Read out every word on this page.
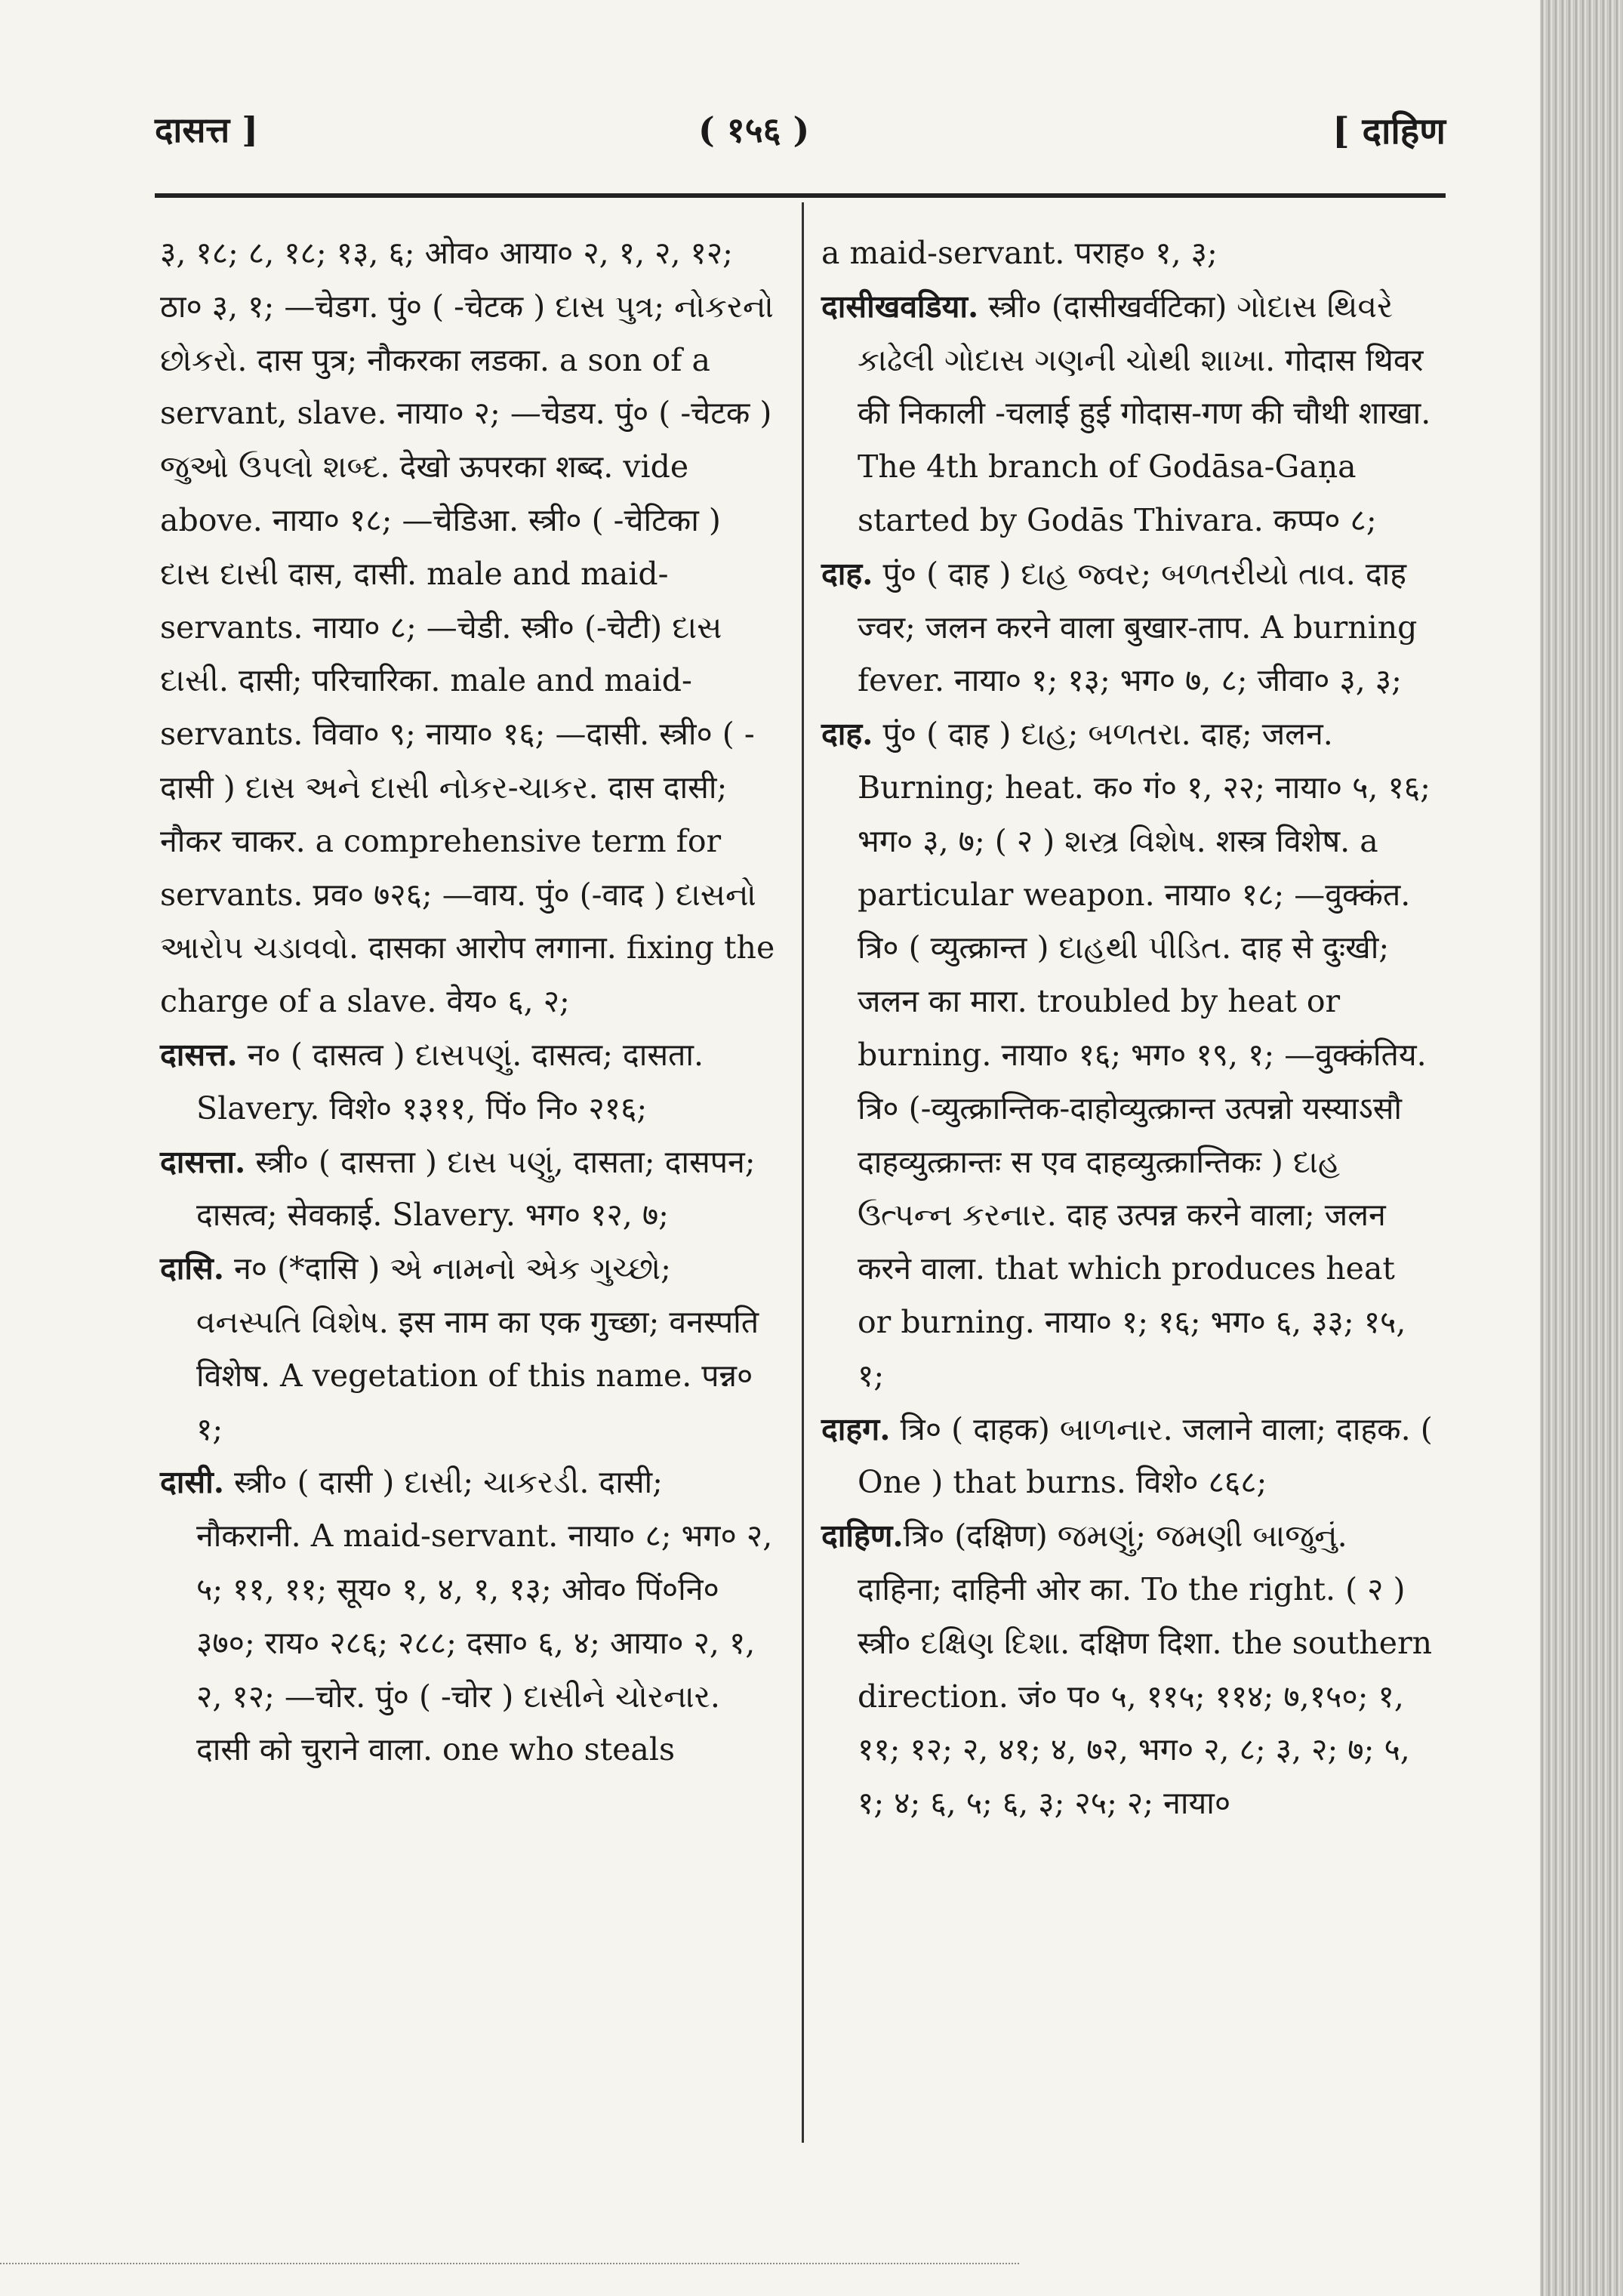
दासत्त ]	( १५६ )	[ दाहिण

३, १८; ८, १८; १३, ६; ओव० आया० २, १, २, १२; ठा० ३, १; —चेडग. पुं० ( -चेटक ) દાસ પુત્ર; નોકરનો છોકરો. दास पुत्र; नौकरका लडका. a son of a servant, slave. नाया० २; —चेडय. पुं० ( -चेटक ) જુઓ ઉપલો શબ્દ. देखो ऊपरका शब्द. vide above. नाया० १८; —चेडिआ. स्त्री० ( -चेटिका ) દાસ દાસી दास, दासी. male and maid-servants. नाया० ८; —चेडी. स्त्री० (-चेटी) દાસ દાસી. दासी; परिचारिका. male and maid-servants. विवा० ९; नाया० १६; —दासी. स्त्री० ( -दासी ) દાસ અને દાસી નોકર-ચાકર. दास दासी; नौकर चाकर. a comprehensive term for servants. प्रव० ७२६; —वाय. पुं० (-वाद ) દાસનો આરોપ ચડાવવો. दासका आरोप लगाना. fixing the charge of a slave. वेय० ६, २;

दासत्त. न० ( दासत्व ) દાસપણું. दासत्व; दासता. Slavery. विशे० १३११, पिं० नि० २१६;

दासत्ता. स्त्री० ( दासत्ता ) દાસ પણું, दासता; दासपन; दासत्व; सेवकाई. Slavery. भग० १२, ७;

दासि. न० (*दासि ) એ નામનો એક ગુચ્છો; વનસ્પતિ વિશેષ. इस नाम का एक गुच्छा; वनस्पति विशेष. A vegetation of this name. पन्न० १;

दासी. स्त्री० ( दासी ) દાસી; ચાકરડી. दासी; नौकरानी. A maid-servant. नाया० ८; भग० २, ५; ११, ११; सूय० १, ४, १, १३; ओव० पिं०नि० ३७०; राय० २८६; २८८; दसा० ६, ४; आया० २, १, २, १२; —चोर. पुं० ( -चोर ) દાસીને ચોરનાર. दासी को चुराने वाला. one who steals

a maid-servant. पराह० १, ३;

दासीखवडिया. स्त्री० (दासीखर्वटिका) ગોદાસ થિવરે કાઢેલી ગોદાસ ગણની ચોથી શાખા. गोदास थिवर की निकाली -चलाई हुई गोदास-गण की चौथी शाखा. The 4th branch of Godāsa-Gaṇa started by Godās Thivara. कप्प० ८;

दाह. पुं० ( दाह ) દાહ જ્વર; બળતરીયો તાવ. दाह ज्वर; जलन करने वाला बुखार-ताप. A burning fever. नाया० १; १३; भग० ७, ८; जीवा० ३, ३;

दाह. पुं० ( दाह ) દાહ; બળતરા. दाह; जलन. Burning; heat. क० गं० १, २२; नाया० ५, १६; भग० ३, ७; ( २ ) શસ્ત્ર વિશેષ. शस्त्र विशेष. a particular weapon. नाया० १८; —वुक्कंत. त्रि० ( व्युत्क्रान्त ) દાહથી પીડિત. दाह से दुःखी; जलन का मारा. troubled by heat or burning. नाया० १६; भग० १९, १; —वुक्कंतिय. त्रि० (-व्युत्क्रान्तिक-दाहोव्युत्क्रान्त उत्पन्नो यस्याऽसौ दाहव्युत्क्रान्तः स एव दाहव्युत्क्रान्तिकः ) દાહ ઉત્પન્ન કરનાર. दाह उत्पन्न करने वाला; जलन करने वाला. that which produces heat or burning. नाया० १; १६; भग० ६, ३३; १५, १;

दाहग. त्रि० ( दाहक) બાળનાર. जलाने वाला; दाहक. ( One ) that burns. विशे० ८६८;

दाहिण.त्रि० (दक्षिण) જમણું; જમણી બાજુનું. दाहिना; दाहिनी ओर का. To the right. ( २ ) स्त्री० દક્ષિણ દિશા. दक्षिण दिशा. the southern direction. जं० प० ५, ११५; ११४; ७,१५०; १, ११; १२; २, ४१; ४, ७२, भग० २, ८; ३, २; ७; ५, १; ४; ६, ५; ६, ३; २५; २; नाया०
